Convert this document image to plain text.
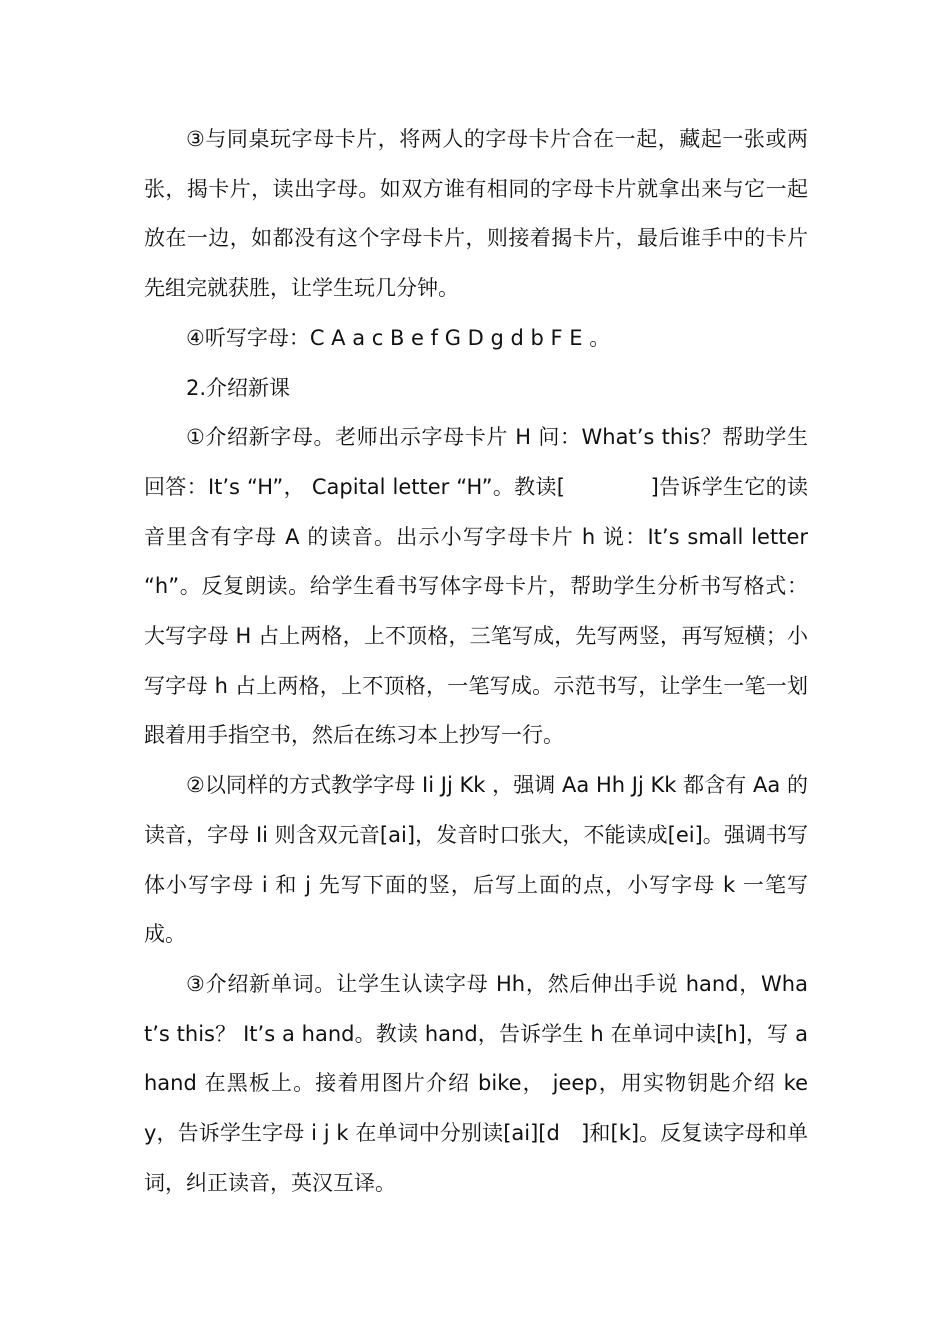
③与同桌玩字母卡片，将两人的字母卡片合在一起，藏起一张或两张，揭卡片，读出字母。如双方谁有相同的字母卡片就拿出来与它一起放在一边，如都没有这个字母卡片，则接着揭卡片，最后谁手中的卡片先组完就获胜，让学生玩几分钟。

④听写字母：C A a c B e f G D g d b F E 。

2.介绍新课

①介绍新字母。老师出示字母卡片 H 问：What’s this？帮助学生回答：It’s “H”， Capital letter “H”。教读[　　　　]告诉学生它的读音里含有字母 A 的读音。出示小写字母卡片 h 说：It’s small letter “h”。反复朗读。给学生看书写体字母卡片，帮助学生分析书写格式：大写字母 H 占上两格，上不顶格，三笔写成，先写两竖，再写短横；小写字母 h 占上两格，上不顶格，一笔写成。示范书写，让学生一笔一划跟着用手指空书，然后在练习本上抄写一行。

②以同样的方式教学字母 Ii Jj Kk ，强调 Aa Hh Jj Kk 都含有 Aa 的读音，字母 Ii 则含双元音[ai]，发音时口张大，不能读成[ei]。强调书写体小写字母 i 和 j 先写下面的竖，后写上面的点，小写字母 k 一笔写成。

③介绍新单词。让学生认读字母 Hh，然后伸出手说 hand，What’s this？ It’s a hand。教读 hand，告诉学生 h 在单词中读[h]，写 a hand 在黑板上。接着用图片介绍 bike， jeep，用实物钥匙介绍 key，告诉学生字母 i j k 在单词中分别读[ai][d　]和[k]。反复读字母和单词，纠正读音，英汉互译。
